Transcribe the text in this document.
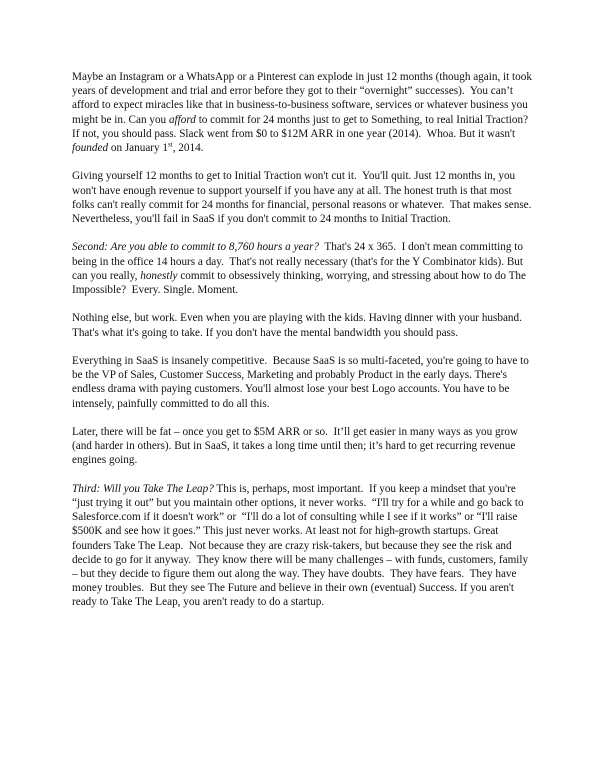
Maybe an Instagram or a WhatsApp or a Pinterest can explode in just 12 months (though again, it took years of development and trial and error before they got to their “overnight” successes).  You can’t afford to expect miracles like that in business-to-business software, services or whatever business you might be in. Can you afford to commit for 24 months just to get to Something, to real Initial Traction?  If not, you should pass. Slack went from $0 to $12M ARR in one year (2014).  Whoa. But it wasn't founded on January 1st, 2014.

Giving yourself 12 months to get to Initial Traction won't cut it.  You'll quit. Just 12 months in, you won't have enough revenue to support yourself if you have any at all. The honest truth is that most folks can't really commit for 24 months for financial, personal reasons or whatever.  That makes sense.  Nevertheless, you'll fail in SaaS if you don't commit to 24 months to Initial Traction.

Second: Are you able to commit to 8,760 hours a year?  That's 24 x 365.  I don't mean committing to being in the office 14 hours a day.  That's not really necessary (that's for the Y Combinator kids). But can you really, honestly commit to obsessively thinking, worrying, and stressing about how to do The Impossible?  Every. Single. Moment.

Nothing else, but work. Even when you are playing with the kids. Having dinner with your husband. That's what it's going to take. If you don't have the mental bandwidth you should pass.

Everything in SaaS is insanely competitive.  Because SaaS is so multi-faceted, you're going to have to be the VP of Sales, Customer Success, Marketing and probably Product in the early days. There's endless drama with paying customers. You'll almost lose your best Logo accounts. You have to be intensely, painfully committed to do all this.

Later, there will be fat – once you get to $5M ARR or so.  It’ll get easier in many ways as you grow (and harder in others). But in SaaS, it takes a long time until then; it’s hard to get recurring revenue engines going.

Third: Will you Take The Leap? This is, perhaps, most important.  If you keep a mindset that you're “just trying it out” but you maintain other options, it never works.  “I'll try for a while and go back to Salesforce.com if it doesn't work” or  “I'll do a lot of consulting while I see if it works” or “I'll raise $500K and see how it goes.” This just never works. At least not for high-growth startups. Great founders Take The Leap.  Not because they are crazy risk-takers, but because they see the risk and decide to go for it anyway.  They know there will be many challenges – with funds, customers, family – but they decide to figure them out along the way. They have doubts.  They have fears.  They have money troubles.  But they see The Future and believe in their own (eventual) Success. If you aren't ready to Take The Leap, you aren't ready to do a startup.
